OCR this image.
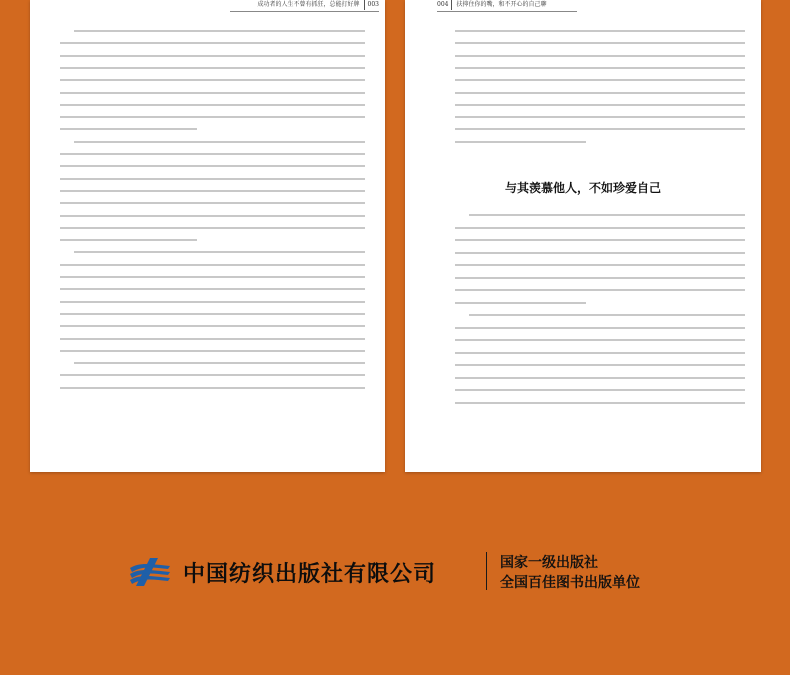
成功者的人生不曾有抓狂，总能打好牌 003	004 扶抑住你的嘴，和不开心的自己聊
与其羡慕他人，不如珍爱自己
中国纺织出版社有限公司	国家一级出版社
全国百佳图书出版单位
